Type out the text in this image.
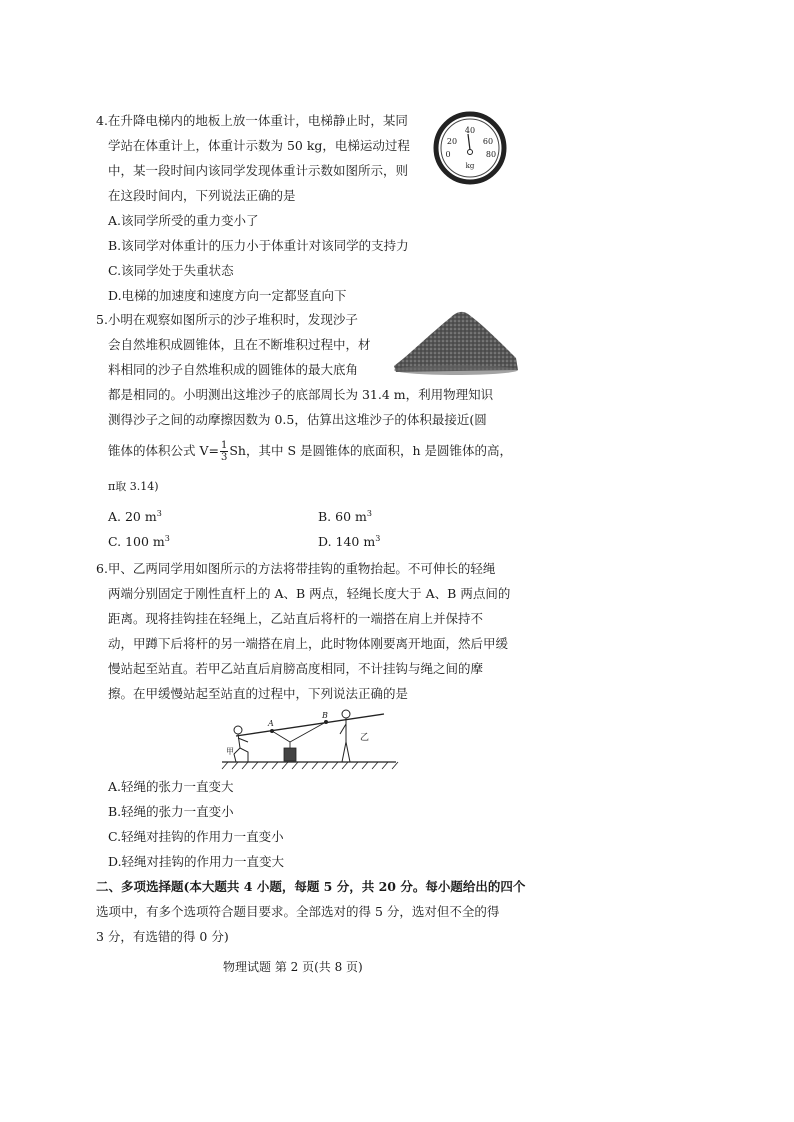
4.在升降电梯内的地板上放一体重计，电梯静止时，某同
学站在体重计上，体重计示数为 50 kg，电梯运动过程
中，某一段时间内该同学发现体重计示数如图所示，则
在这段时间内，下列说法正确的是
A.该同学所受的重力变小了
B.该同学对体重计的压力小于体重计对该同学的支持力
C.该同学处于失重状态
D.电梯的加速度和速度方向一定都竖直向下
0
20
40
60
80
kg
5.小明在观察如图所示的沙子堆积时，发现沙子
会自然堆积成圆锥体，且在不断堆积过程中，材
料相同的沙子自然堆积成的圆锥体的最大底角
都是相同的。小明测出这堆沙子的底部周长为 31.4 m，利用物理知识
测得沙子之间的动摩擦因数为 0.5，估算出这堆沙子的体积最接近(圆
锥体的体积公式 $V= \frac{1}{3}$ Sh，其中 S 是圆锥体的底面积，h 是圆锥体的高，
π取 3.14)
A. 20 $m^3$	B. 60 $m^3$
C. 100 $m^3$	D. 140 $m^3$
6.甲、乙两同学用如图所示的方法将带挂钩的重物抬起。不可伸长的轻绳
两端分别固定于刚性直杆上的 A、B 两点，轻绳长度大于 A、B 两点间的
距离。现将挂钩挂在轻绳上，乙站直后将杆的一端搭在肩上并保持不
动，甲蹲下后将杆的另一端搭在肩上，此时物体刚要离开地面，然后甲缓
慢站起至站直。若甲乙站直后肩膀高度相同，不计挂钩与绳之间的摩
擦。在甲缓慢站起至站直的过程中，下列说法正确的是
A
B
甲
乙
A.轻绳的张力一直变大
B.轻绳的张力一直变小
C.轻绳对挂钩的作用力一直变小
D.轻绳对挂钩的作用力一直变大
二、多项选择题(本大题共 4 小题，每题 5 分，共 20 分。每小题给出的四个
选项中，有多个选项符合题目要求。全部选对的得 5 分，选对但不全的得
3 分，有选错的得 0 分)
物理试题 第 2 页(共 8 页)
